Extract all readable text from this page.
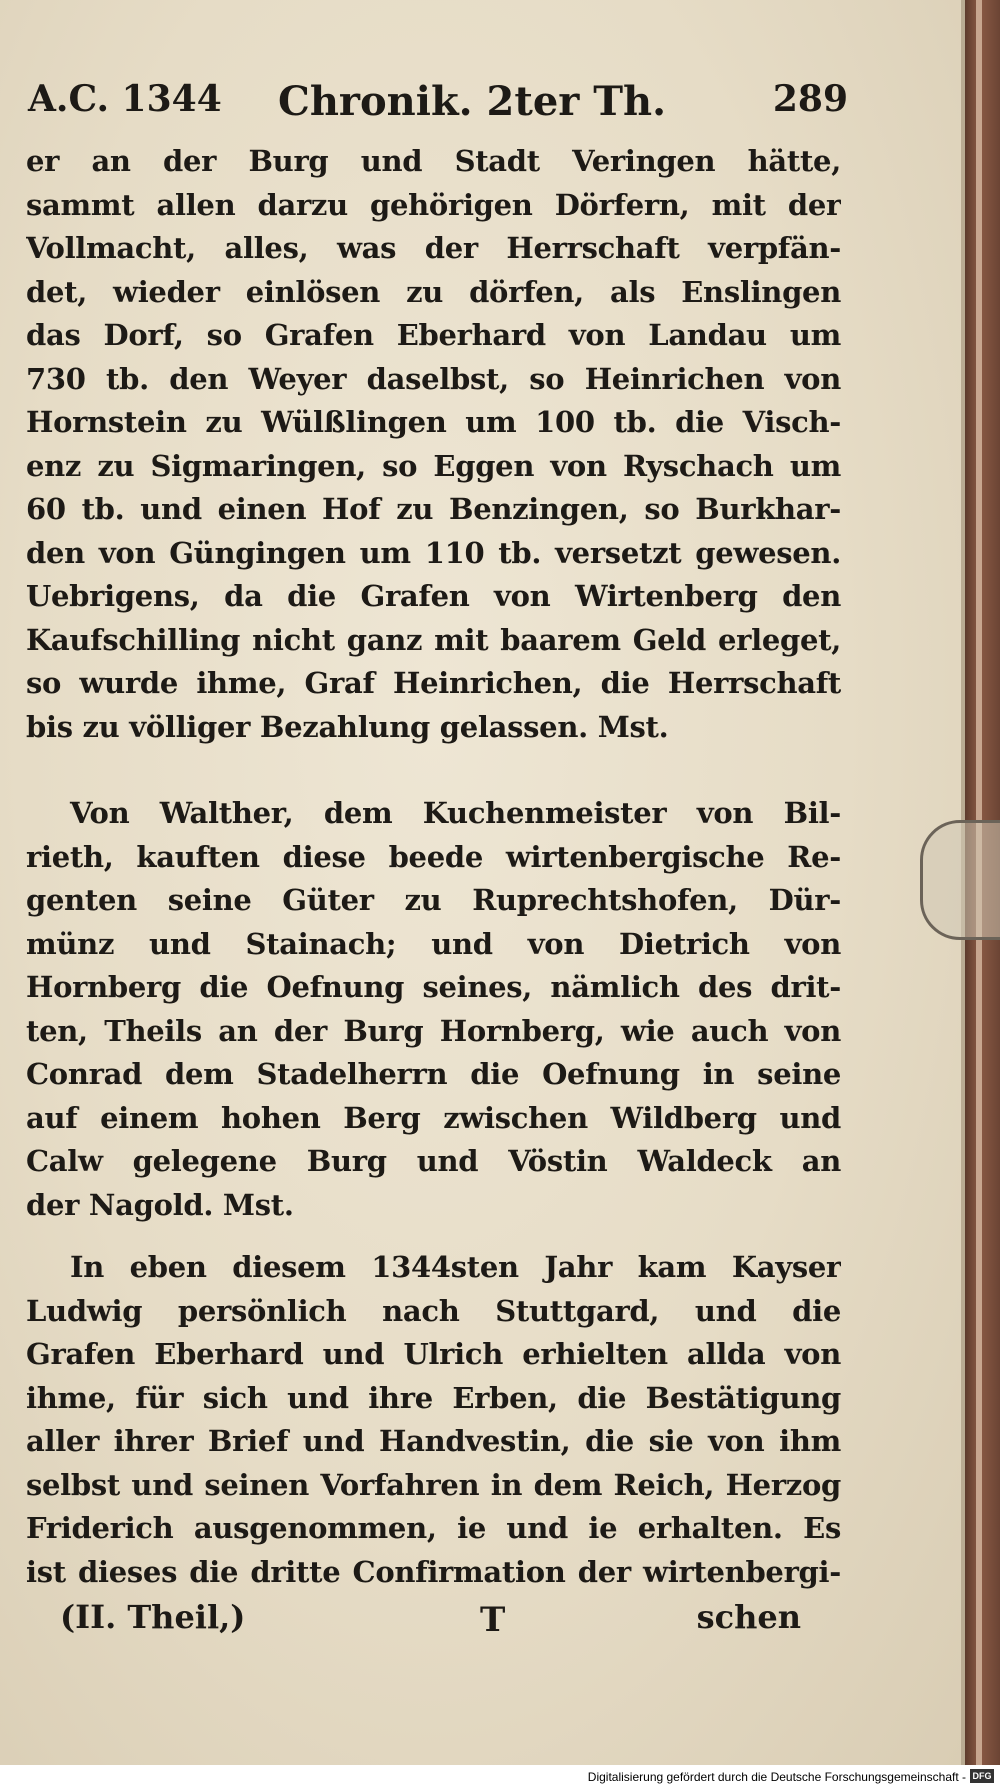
A.C. 1344 Chronik. 2ter Th.	289
er an der Burg und Stadt Veringen hätte,
sammt allen darzu gehörigen Dörfern, mit der
Vollmacht, alles, was der Herrschaft verpfän-
det, wieder einlösen zu dörfen, als Enslingen
das Dorf, so Grafen Eberhard von Landau um
730 tb. den Weyer daselbst, so Heinrichen von
Hornstein zu Wülßlingen um 100 tb. die Visch-
enz zu Sigmaringen, so Eggen von Ryschach um
60 tb. und einen Hof zu Benzingen, so Burkhar-
den von Güngingen um 110 tb. versetzt gewesen.
Uebrigens, da die Grafen von Wirtenberg den
Kaufschilling nicht ganz mit baarem Geld erleget,
so wurde ihme, Graf Heinrichen, die Herrschaft
bis zu völliger Bezahlung gelassen. Mst.
Von Walther, dem Kuchenmeister von Bil-
rieth, kauften diese beede wirtenbergische Re-
genten seine Güter zu Ruprechtshofen, Dür-
münz und Stainach; und von Dietrich von
Hornberg die Oefnung seines, nämlich des drit-
ten, Theils an der Burg Hornberg, wie auch von
Conrad dem Stadelherrn die Oefnung in seine
auf einem hohen Berg zwischen Wildberg und
Calw gelegene Burg und Vöstin Waldeck an
der Nagold. Mst.
In eben diesem 1344sten Jahr kam Kayser
Ludwig persönlich nach Stuttgard, und die
Grafen Eberhard und Ulrich erhielten allda von
ihme, für sich und ihre Erben, die Bestätigung
aller ihrer Brief und Handvestin, die sie von ihm
selbst und seinen Vorfahren in dem Reich, Herzog
Friderich ausgenommen, ie und ie erhalten. Es
ist dieses die dritte Confirmation der wirtenbergi-
(II. Theil,)	T	schen
Digitalisierung gefördert durch die Deutsche Forschungsgemeinschaft - DFG
